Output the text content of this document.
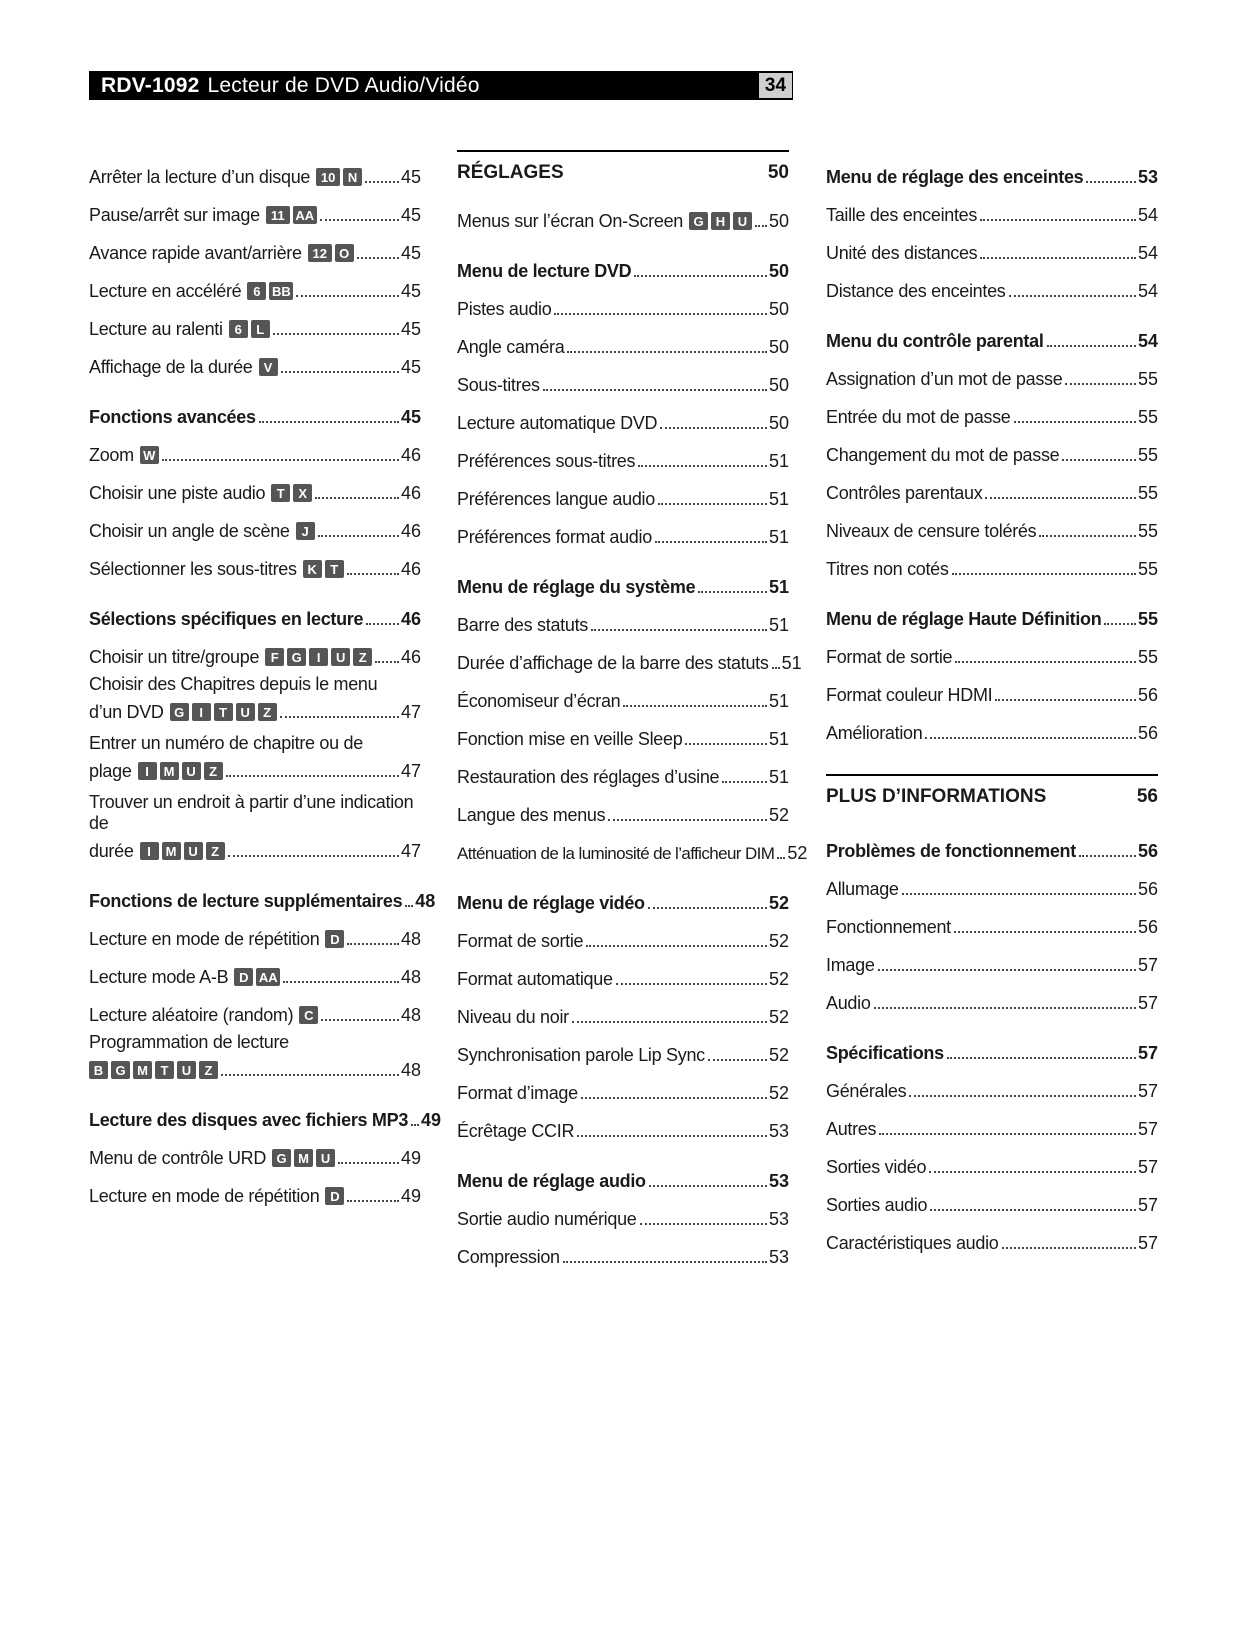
RDV-1092 Lecteur de DVD Audio/Vidéo	34
Arrêter la lecture d’un disque 10 N 45
Pause/arrêt sur image 11 AA	45
Avance rapide avant/arrière 12 O	45
Lecture en accéléré 6 BB	45
Lecture au ralenti 6	L	45
Affichage de la durée V	45
Fonctions avancées	45
Zoom W	46
Choisir une piste audio T	X	46
Choisir un angle de scène J	46
Sélectionner les sous-titres K	T	46
Sélections spécifiques en lecture 46
Choisir un titre/groupe F G	I	U	Z	46
Choisir des Chapitres depuis le menu
d’un DVD G	I	T	U	Z	47
Entrer un numéro de chapitre ou de
plage	I	M U	Z	47
Trouver un endroit à partir d’une indication de
durée	I	M U	Z	47
Fonctions de lecture supplémentaires 48
Lecture en mode de répétition D	48
Lecture mode A-B D AA	48
Lecture aléatoire (random) C	48
Programmation de lecture
B G M T	U	Z	48
Lecture des disques avec fichiers MP3 49
Menu de contrôle URD G M U	49
Lecture en mode de répétition D	49
RÉGLAGES	50
Menus sur l’écran On-Screen G H U 50
Menu de lecture DVD	50
Pistes audio	50
Angle caméra	50
Sous-titres	50
Lecture automatique DVD	50
Préférences sous-titres	51
Préférences langue audio	51
Préférences format audio	51
Menu de réglage du système	51
Barre des statuts	51
Durée d’affichage de la barre des statuts 51
Économiseur d’écran	51
Fonction mise en veille Sleep	51
Restauration des réglages d’usine	51
Langue des menus	52
Atténuation de la luminosité de l’afficheur DIM 52
Menu de réglage vidéo	52
Format de sortie	52
Format automatique	52
Niveau du noir	52
Synchronisation parole Lip Sync	52
Format d’image	52
Écrêtage CCIR	53
Menu de réglage audio	53
Sortie audio numérique	53
Compression	53
Menu de réglage des enceintes	53
Taille des enceintes	54
Unité des distances	54
Distance des enceintes	54
Menu du contrôle parental	54
Assignation d’un mot de passe	55
Entrée du mot de passe	55
Changement du mot de passe	55
Contrôles parentaux	55
Niveaux de censure tolérés	55
Titres non cotés	55
Menu de réglage Haute Définition 55
Format de sortie	55
Format couleur HDMI	56
Amélioration	56
PLUS D’INFORMATIONS	56
Problèmes de fonctionnement	56
Allumage	56
Fonctionnement	56
Image	57
Audio	57
Spécifications	57
Générales	57
Autres	57
Sorties vidéo	57
Sorties audio	57
Caractéristiques audio	57
